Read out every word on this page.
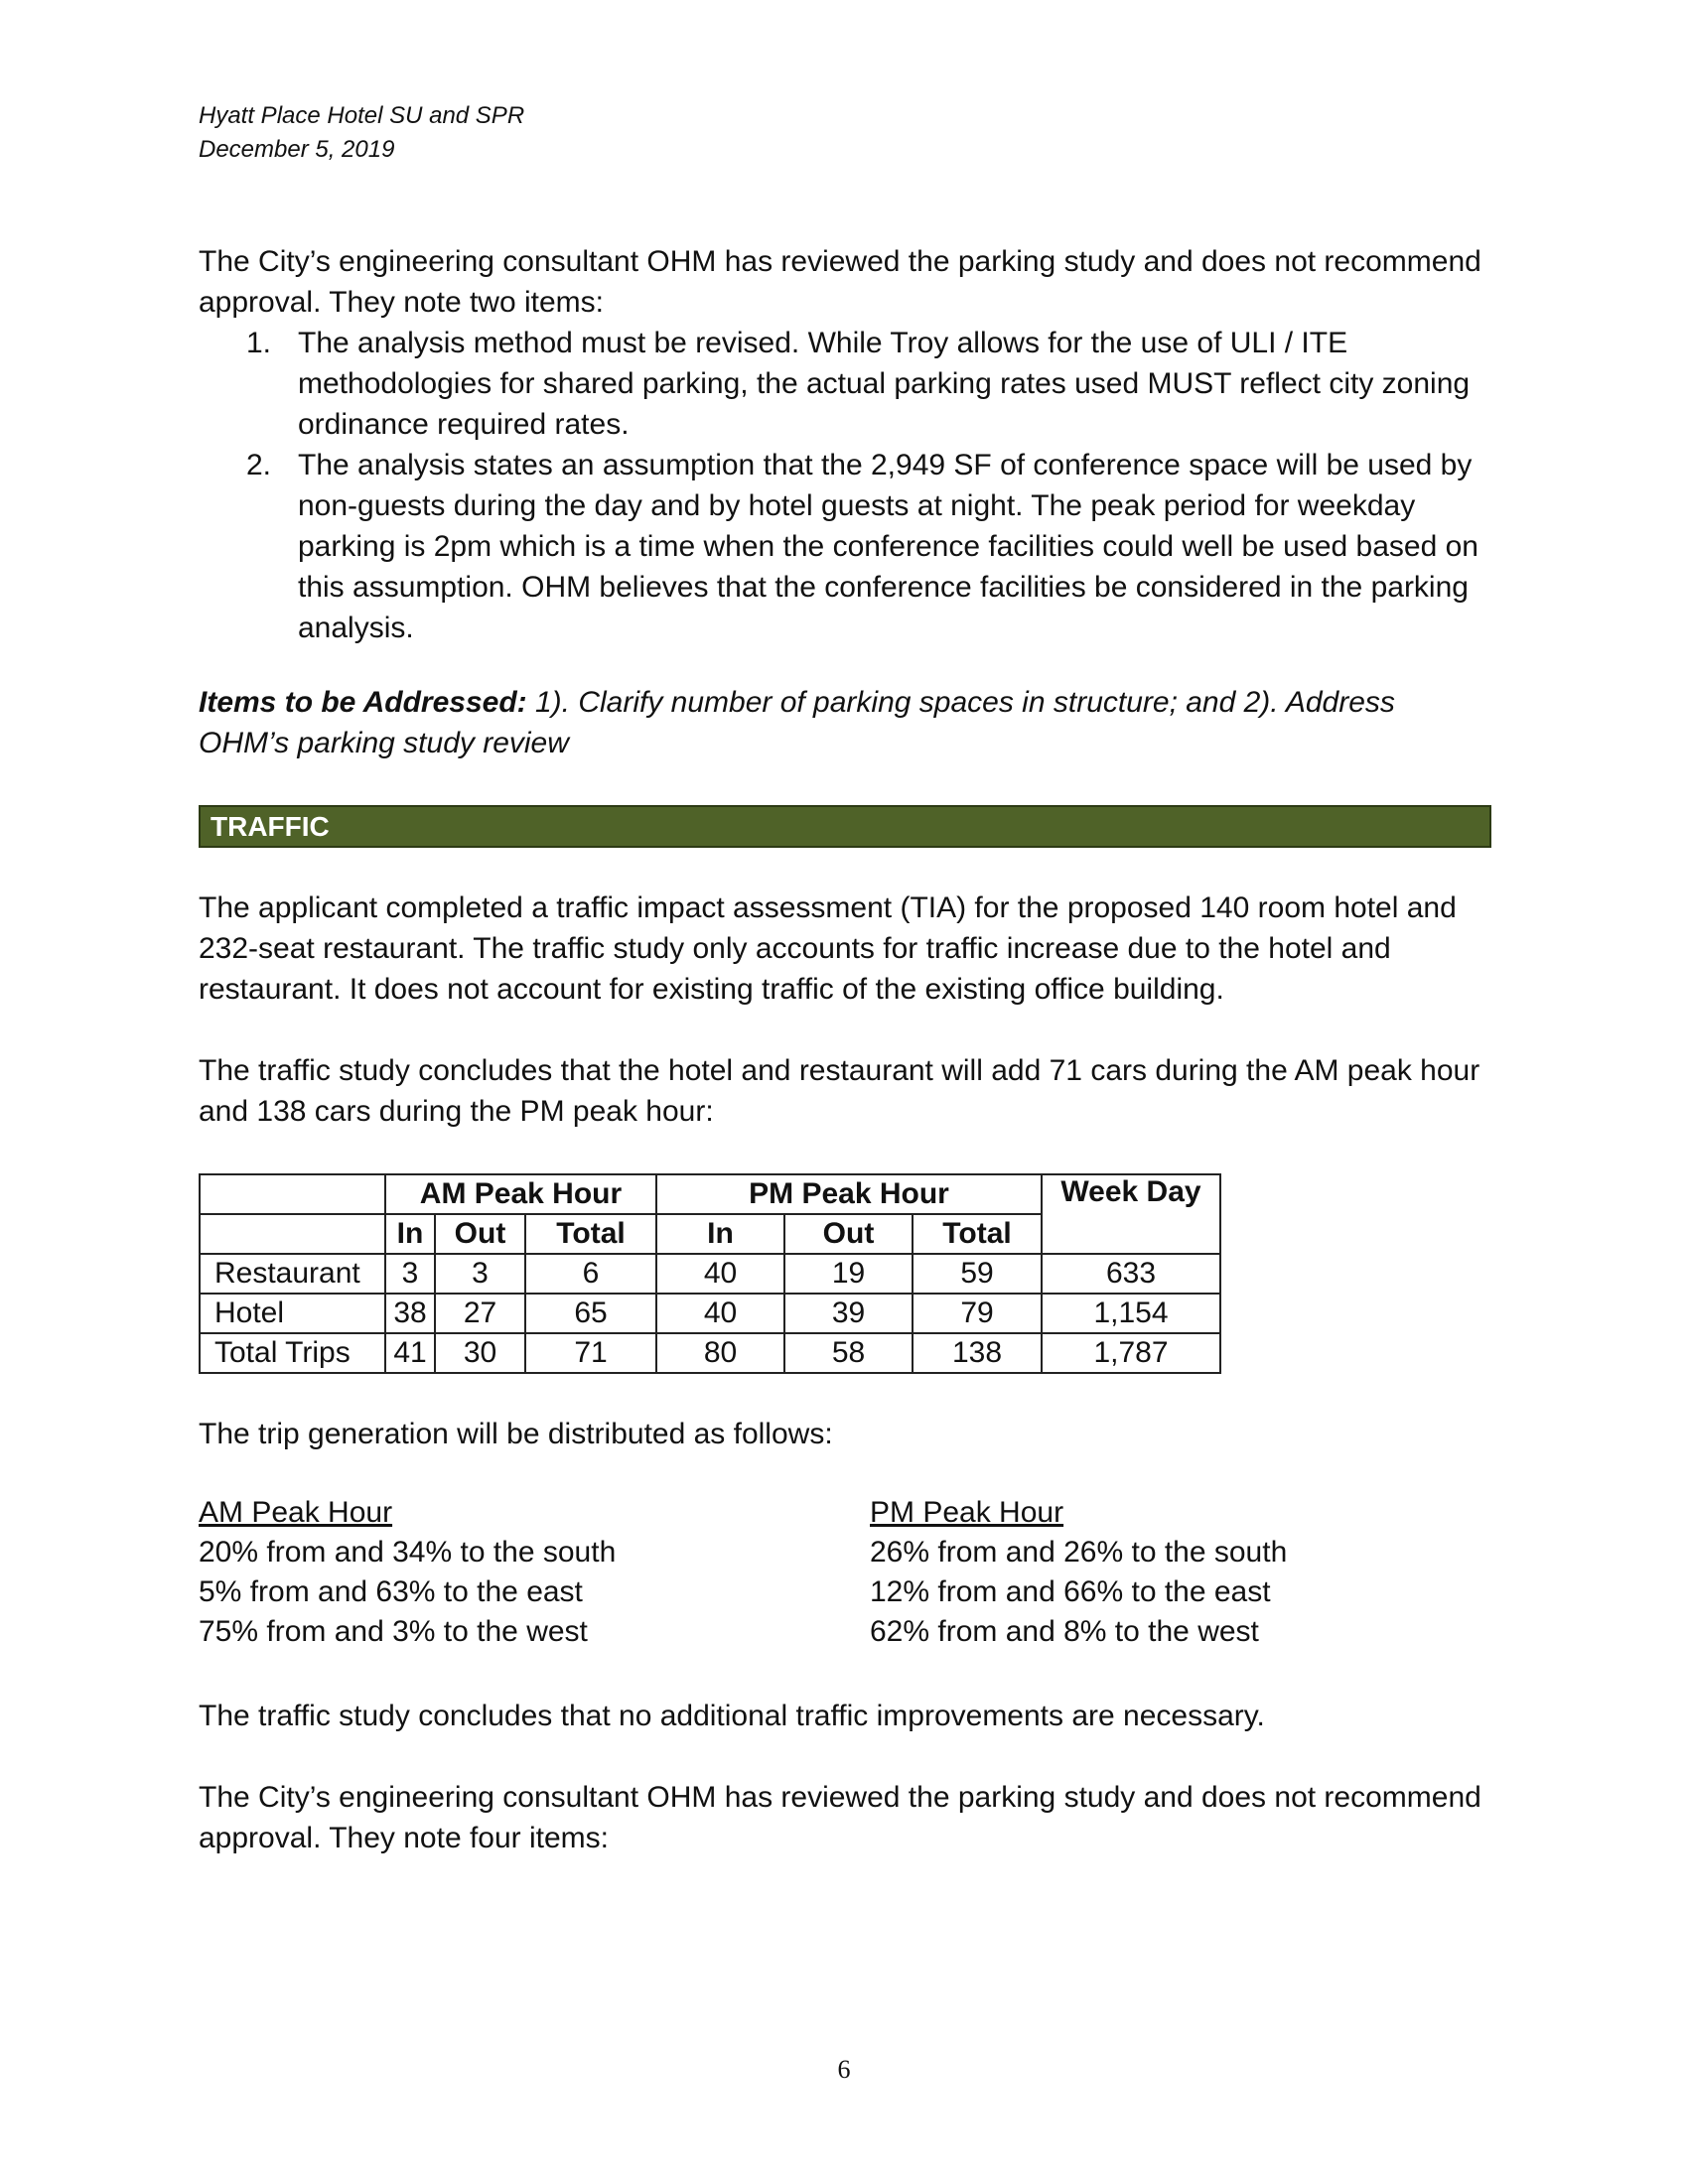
Hyatt Place Hotel SU and SPR
December 5, 2019
The City’s engineering consultant OHM has reviewed the parking study and does not recommend approval. They note two items:
1. The analysis method must be revised. While Troy allows for the use of ULI / ITE methodologies for shared parking, the actual parking rates used MUST reflect city zoning ordinance required rates.
2. The analysis states an assumption that the 2,949 SF of conference space will be used by non-guests during the day and by hotel guests at night. The peak period for weekday parking is 2pm which is a time when the conference facilities could well be used based on this assumption. OHM believes that the conference facilities be considered in the parking analysis.
Items to be Addressed: 1). Clarify number of parking spaces in structure; and 2). Address OHM’s parking study review
TRAFFIC
The applicant completed a traffic impact assessment (TIA) for the proposed 140 room hotel and 232-seat restaurant. The traffic study only accounts for traffic increase due to the hotel and restaurant. It does not account for existing traffic of the existing office building.
The traffic study concludes that the hotel and restaurant will add 71 cars during the AM peak hour and 138 cars during the PM peak hour:
	AM Peak Hour			PM Peak Hour			Week Day
	In	Out	Total	In	Out	Total	
Restaurant	3	3	6	40	19	59	633
Hotel	38	27	65	40	39	79	1,154
Total Trips	41	30	71	80	58	138	1,787
The trip generation will be distributed as follows:
AM Peak Hour
20% from and 34% to the south
5% from and 63% to the east
75% from and 3% to the west
PM Peak Hour
26% from and 26% to the south
12% from and 66% to the east
62% from and 8% to the west
The traffic study concludes that no additional traffic improvements are necessary.
The City’s engineering consultant OHM has reviewed the parking study and does not recommend approval. They note four items:
6
